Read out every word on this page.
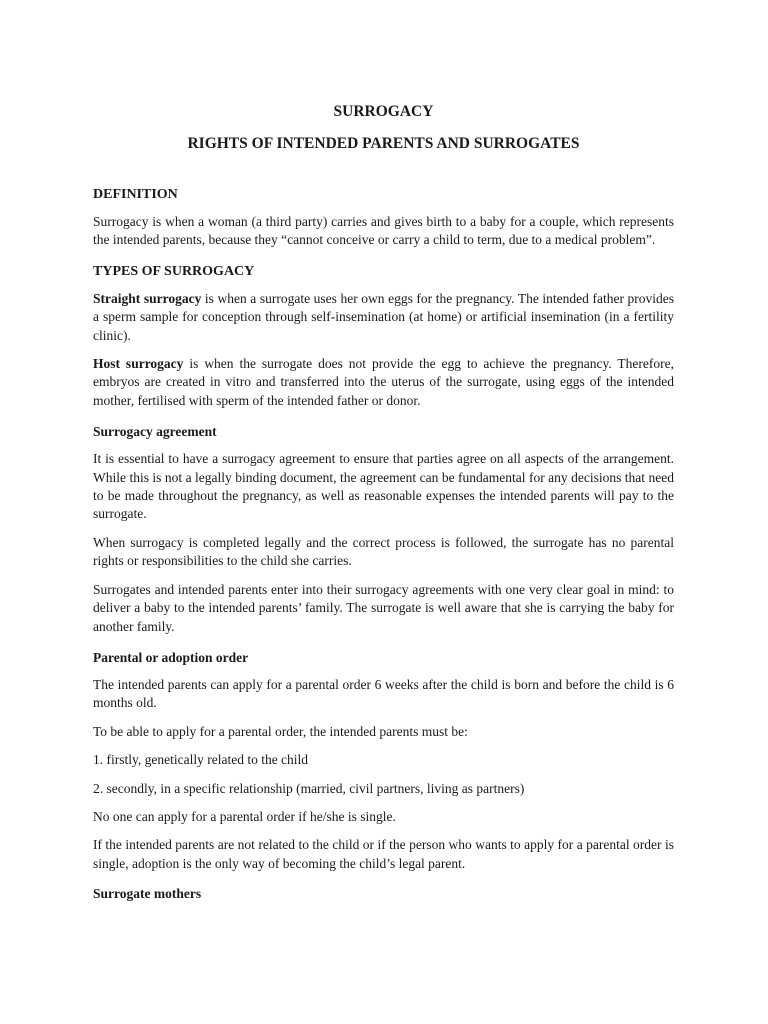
SURROGACY
RIGHTS OF INTENDED PARENTS AND SURROGATES
DEFINITION

Surrogacy is when a woman (a third party) carries and gives birth to a baby for a couple, which represents the intended parents, because they “cannot conceive or carry a child to term, due to a medical problem”.

TYPES OF SURROGACY

Straight surrogacy is when a surrogate uses her own eggs for the pregnancy. The intended father provides a sperm sample for conception through self-insemination (at home) or artificial insemination (in a fertility clinic).

Host surrogacy is when the surrogate does not provide the egg to achieve the pregnancy. Therefore, embryos are created in vitro and transferred into the uterus of the surrogate, using eggs of the intended mother, fertilised with sperm of the intended father or donor.

Surrogacy agreement

It is essential to have a surrogacy agreement to ensure that parties agree on all aspects of the arrangement. While this is not a legally binding document, the agreement can be fundamental for any decisions that need to be made throughout the pregnancy, as well as reasonable expenses the intended parents will pay to the surrogate.

When surrogacy is completed legally and the correct process is followed, the surrogate has no parental rights or responsibilities to the child she carries.

Surrogates and intended parents enter into their surrogacy agreements with one very clear goal in mind: to deliver a baby to the intended parents’ family. The surrogate is well aware that she is carrying the baby for another family.

Parental or adoption order

The intended parents can apply for a parental order 6 weeks after the child is born and before the child is 6 months old.

To be able to apply for a parental order, the intended parents must be:

1. firstly, genetically related to the child

2. secondly, in a specific relationship (married, civil partners, living as partners)

No one can apply for a parental order if he/she is single.

If the intended parents are not related to the child or if the person who wants to apply for a parental order is single, adoption is the only way of becoming the child’s legal parent.

Surrogate mothers
